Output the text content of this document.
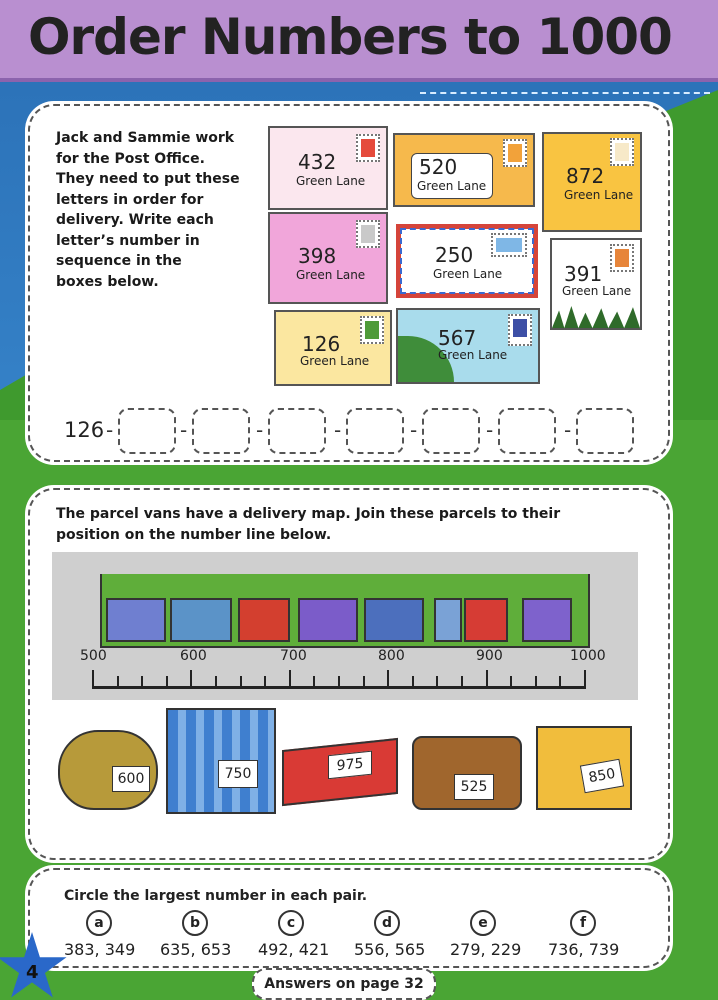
Order Numbers to 1000
Jack and Sammie work
for the Post Office.
They need to put these
letters in order for
delivery. Write each
letter’s number in
sequence in the
boxes below.
432
Green Lane
520
Green Lane	872
Green Lane
398
Green Lane
250
Green Lane	391
Green Lane
126
Green Lane
567
Green Lane
126 -	-	-	-	-	-	-
The parcel vans have a delivery map. Join these parcels to their
position on the number line below.
500	600	700	800	900	1000
600	750	975
525
850
Circle the largest number in each pair.
a
383, 349
b
635, 653
c
492, 421
d
556, 565
e
279, 229
f
736, 739
4
Answers on page 32
